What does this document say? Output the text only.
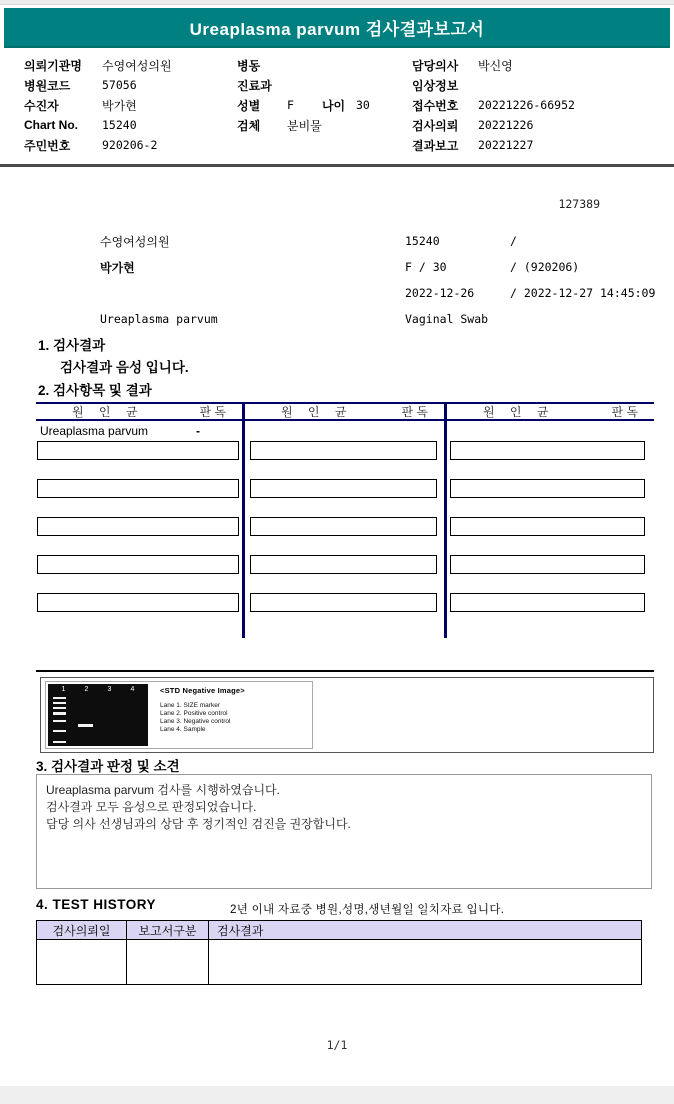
Ureaplasma parvum 검사결과보고서
의뢰기관명	수영여성의원
병원코드	57056
수진자	박가현
Chart No.	15240
주민번호	920206-2
병동
진료과
성별	F 나이 30
검체	분비물
담당의사	박신영
임상정보
접수번호	20221226-66952
검사의뢰	20221226
결과보고	20221227
127389
수영여성의원
박가현
Ureaplasma parvum
15240	/
F / 30	/ (920206)
2022-12-26	/ 2022-12-27 14:45:09
Vaginal Swab
1. 검사결과
검사결과 음성 입니다.
2. 검사항목 및 결과
원 인 균	판 독
Ureaplasma parvum	-
원 인 균	판 독	원 인 균	판 독
1	2	3	4	<STD Negative Image>
Lane 1. SIZE marker
Lane 2. Positive control
Lane 3. Negative control
Lane 4. Sample
3. 검사결과 판정 및 소견
Ureaplasma parvum 검사를 시행하였습니다.
검사결과 모두 음성으로 판정되었습니다.
담당 의사 선생님과의 상담 후 정기적인 검진을 권장합니다.
4. TEST HISTORY	2년 이내 자료중 병원,성명,생년월일 일치자료 입니다.
검사의뢰일	보고서구분	검사결과

1/1
